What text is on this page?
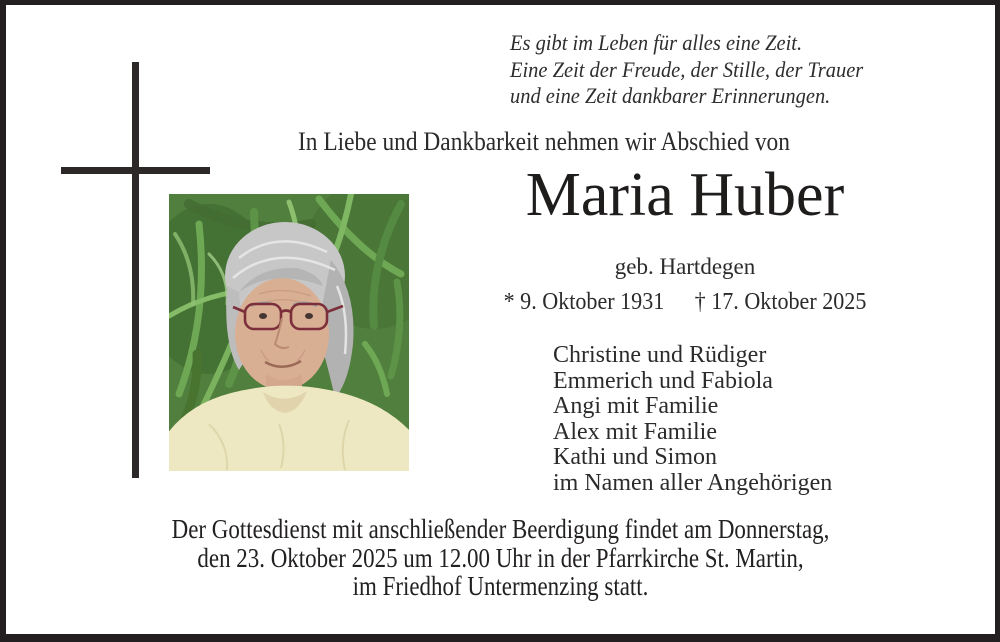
Es gibt im Leben für alles eine Zeit.
Eine Zeit der Freude, der Stille, der Trauer
und eine Zeit dankbarer Erinnerungen.
In Liebe und Dankbarkeit nehmen wir Abschied von
Maria Huber
geb. Hartdegen
* 9. Oktober 1931 † 17. Oktober 2025
Christine und Rüdiger
Emmerich und Fabiola
Angi mit Familie
Alex mit Familie
Kathi und Simon
im Namen aller Angehörigen
Der Gottesdienst mit anschließender Beerdigung findet am Donnerstag,
den 23. Oktober 2025 um 12.00 Uhr in der Pfarrkirche St. Martin,
im Friedhof Untermenzing statt.
